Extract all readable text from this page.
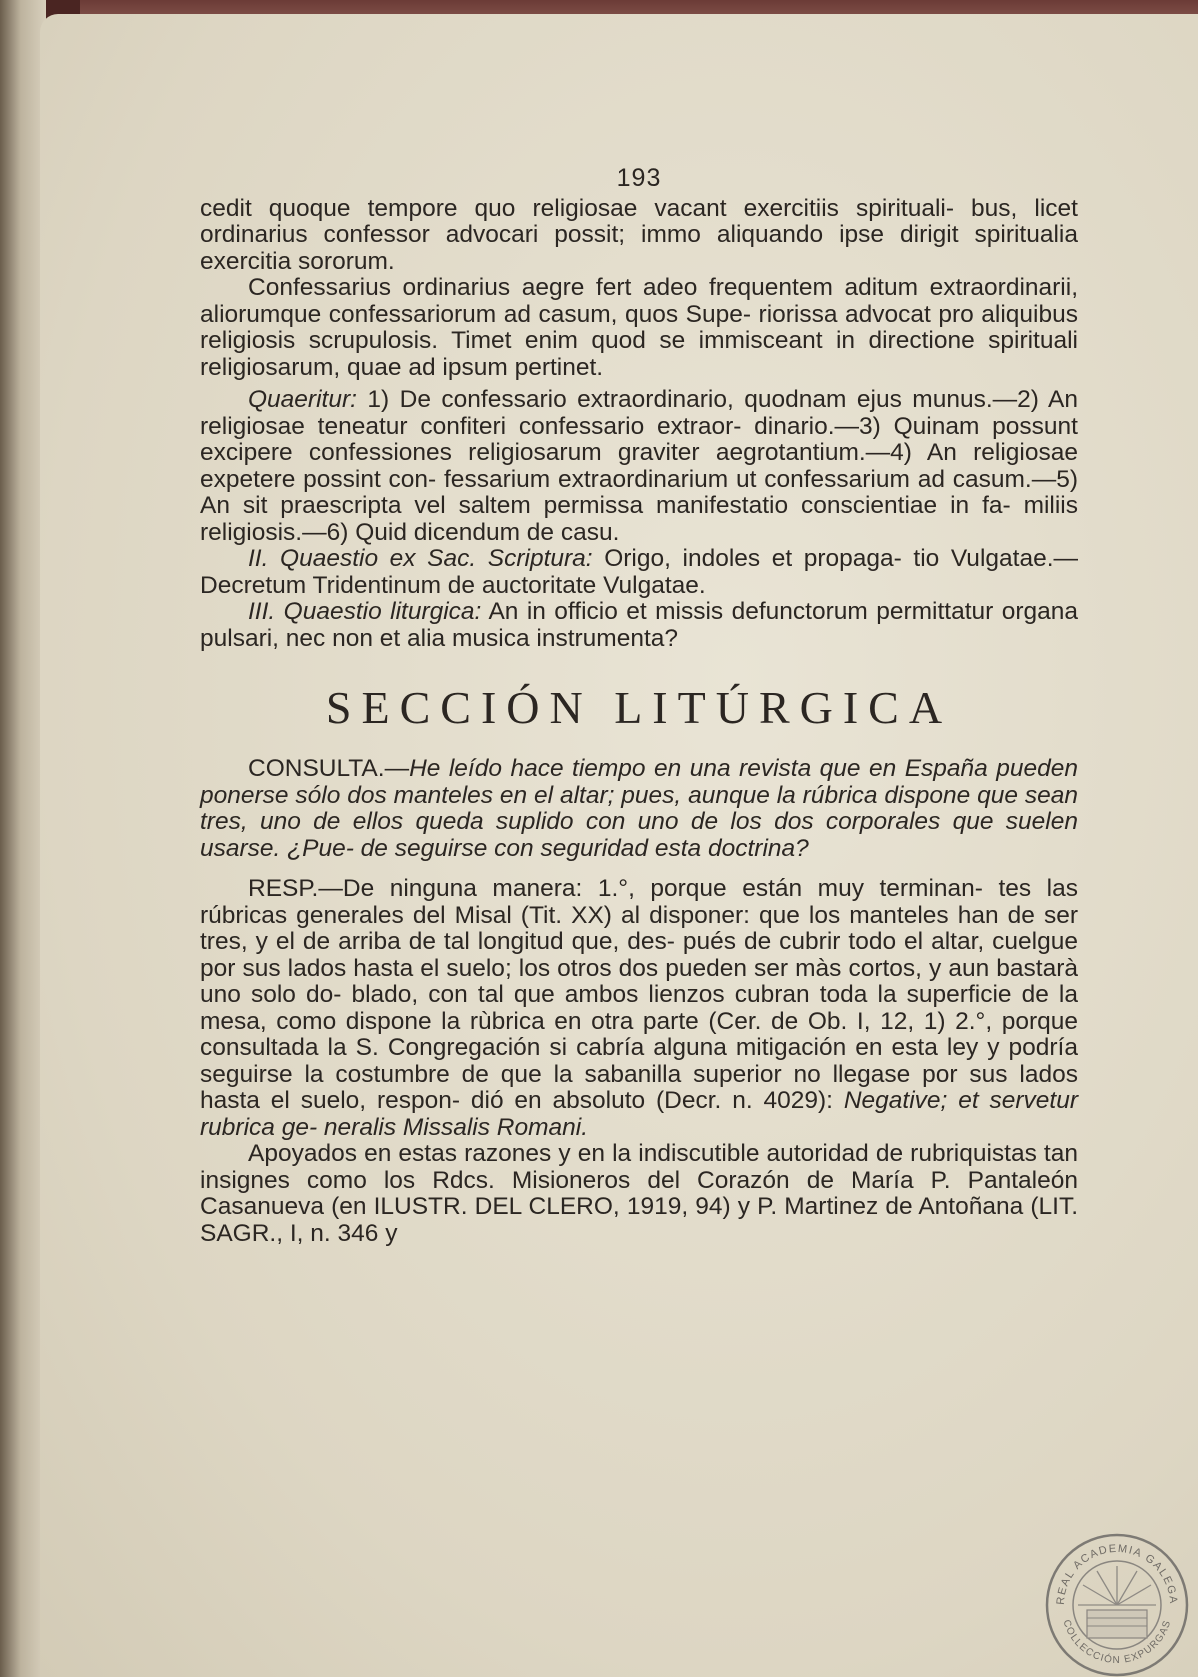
193

cedit quoque tempore quo religiosae vacant exercitiis spirituali- bus, licet ordinarius confessor advocari possit; immo aliquando ipse dirigit spiritualia exercitia sororum.

Confessarius ordinarius aegre fert adeo frequentem aditum extraordinarii, aliorumque confessariorum ad casum, quos Supe- riorissa advocat pro aliquibus religiosis scrupulosis. Timet enim quod se immisceant in directione spirituali religiosarum, quae ad ipsum pertinet.

Quaeritur: 1) De confessario extraordinario, quodnam ejus munus.—2) An religiosae teneatur confiteri confessario extraor- dinario.—3) Quinam possunt excipere confessiones religiosarum graviter aegrotantium.—4) An religiosae expetere possint con- fessarium extraordinarium ut confessarium ad casum.—5) An sit praescripta vel saltem permissa manifestatio conscientiae in fa- miliis religiosis.—6) Quid dicendum de casu.

II. Quaestio ex Sac. Scriptura: Origo, indoles et propaga- tio Vulgatae.—Decretum Tridentinum de auctoritate Vulgatae.

III. Quaestio liturgica: An in officio et missis defunctorum permittatur organa pulsari, nec non et alia musica instrumenta?

SECCIÓN LITÚRGICA

CONSULTA.—He leído hace tiempo en una revista que en España pueden ponerse sólo dos manteles en el altar; pues, aunque la rúbrica dispone que sean tres, uno de ellos queda suplido con uno de los dos corporales que suelen usarse. ¿Pue- de seguirse con seguridad esta doctrina?

RESP.—De ninguna manera: 1.°, porque están muy terminan- tes las rúbricas generales del Misal (Tit. XX) al disponer: que los manteles han de ser tres, y el de arriba de tal longitud que, des- pués de cubrir todo el altar, cuelgue por sus lados hasta el suelo; los otros dos pueden ser màs cortos, y aun bastarà uno solo do- blado, con tal que ambos lienzos cubran toda la superficie de la mesa, como dispone la rùbrica en otra parte (Cer. de Ob. I, 12, 1) 2.°, porque consultada la S. Congregación si cabría alguna mitigación en esta ley y podría seguirse la costumbre de que la sabanilla superior no llegase por sus lados hasta el suelo, respon- dió en absoluto (Decr. n. 4029): Negative; et servetur rubrica ge- neralis Missalis Romani.

Apoyados en estas razones y en la indiscutible autoridad de rubriquistas tan insignes como los Rdcs. Misioneros del Corazón de María P. Pantaleón Casanueva (en ILUSTR. DEL CLERO, 1919, 94) y P. Martinez de Antoñana (LIT. SAGR., I, n. 346 y

REAL ACADEMIA GALEGA
COLLECCIÓN EXPURGAS
